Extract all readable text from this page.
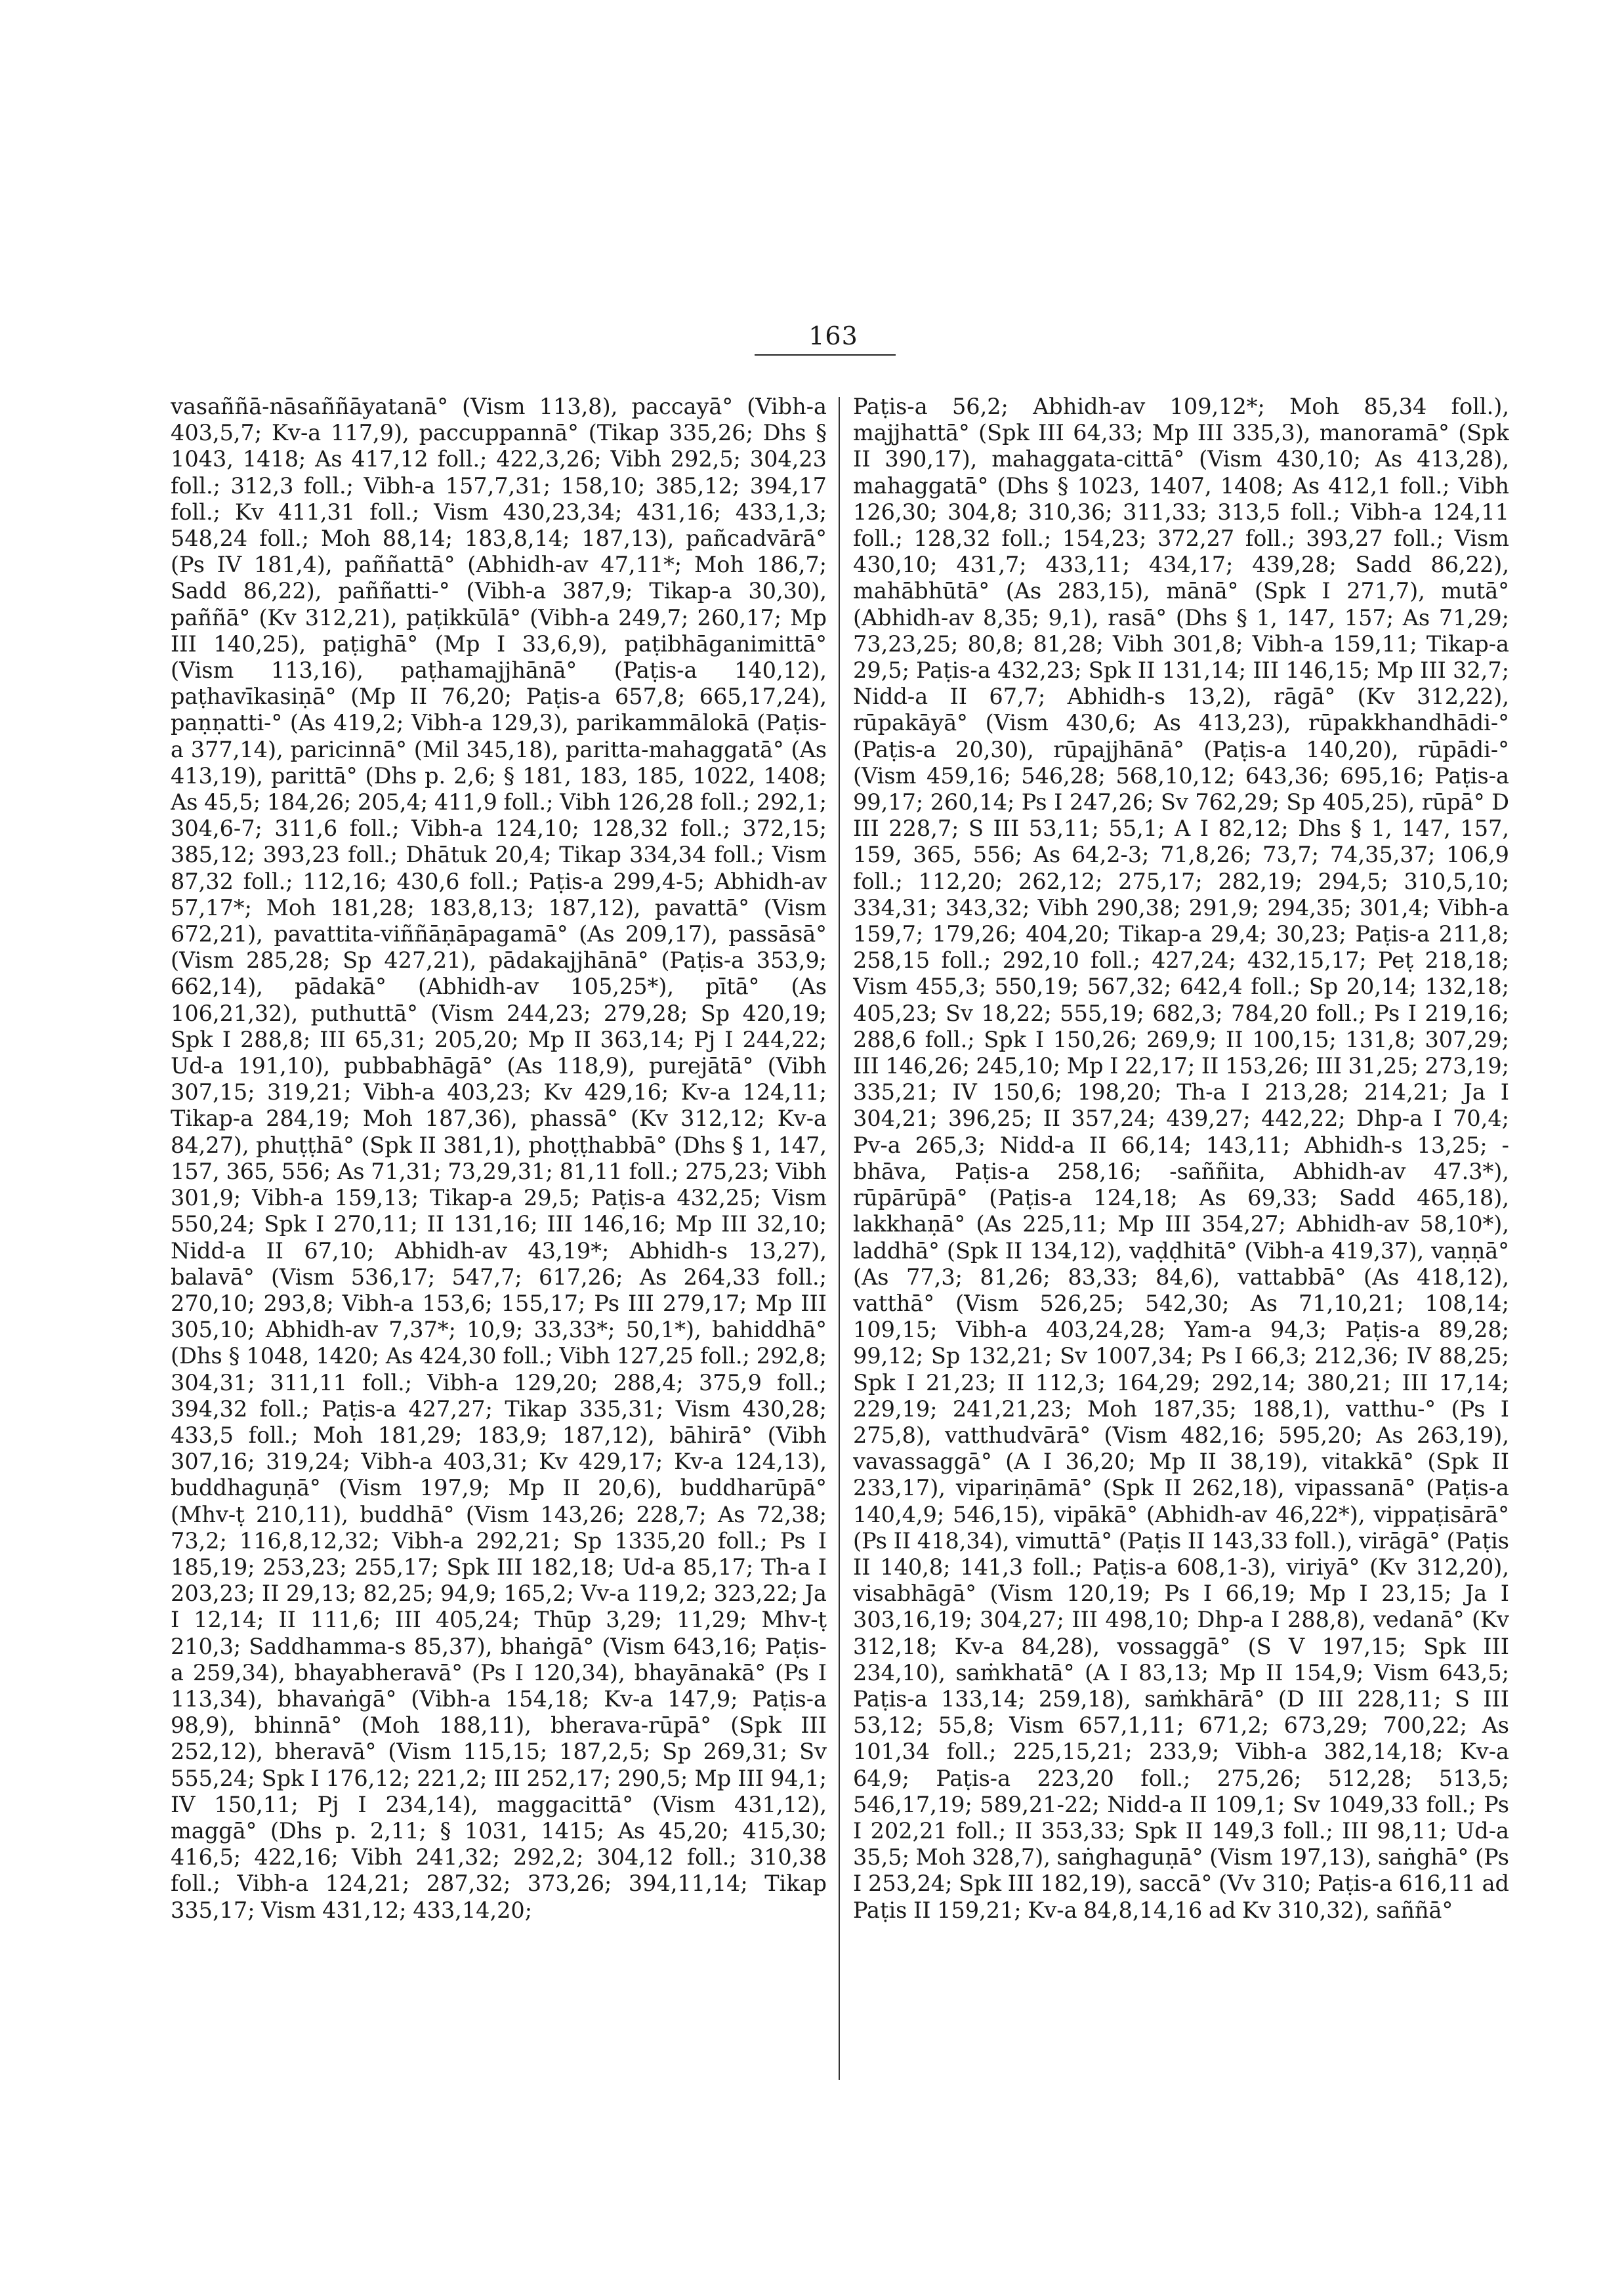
163
vasaññā-nāsaññāyatanā° (Vism 113,8), paccayā° (Vibh-a 403,5,7; Kv-a 117,9), paccuppannā° (Tikap 335,26; Dhs § 1043, 1418; As 417,12 foll.; 422,3,26; Vibh 292,5; 304,23 foll.; 312,3 foll.; Vibh-a 157,7,31; 158,10; 385,12; 394,17 foll.; Kv 411,31 foll.; Vism 430,23,34; 431,16; 433,1,3; 548,24 foll.; Moh 88,14; 183,8,14; 187,13), pañcadvārā° (Ps IV 181,4), paññattā° (Abhidh-av 47,11*; Moh 186,7; Sadd 86,22), paññatti-° (Vibh-a 387,9; Tikap-a 30,30), paññā° (Kv 312,21), paṭikkūlā° (Vibh-a 249,7; 260,17; Mp III 140,25), paṭighā° (Mp I 33,6,9), paṭibhāganimittā° (Vism 113,16), paṭhamajjhānā° (Paṭis-a 140,12), paṭhavīkasiṇā° (Mp II 76,20; Paṭis-a 657,8; 665,17,24), paṇṇatti-° (As 419,2; Vibh-a 129,3), parikammālokā (Paṭis-a 377,14), paricinnā° (Mil 345,18), paritta-mahaggatā° (As 413,19), parittā° (Dhs p. 2,6; § 181, 183, 185, 1022, 1408; As 45,5; 184,26; 205,4; 411,9 foll.; Vibh 126,28 foll.; 292,1; 304,6-7; 311,6 foll.; Vibh-a 124,10; 128,32 foll.; 372,15; 385,12; 393,23 foll.; Dhātuk 20,4; Tikap 334,34 foll.; Vism 87,32 foll.; 112,16; 430,6 foll.; Paṭis-a 299,4-5; Abhidh-av 57,17*; Moh 181,28; 183,8,13; 187,12), pavattā° (Vism 672,21), pavattita-viññāṇāpagamā° (As 209,17), passāsā° (Vism 285,28; Sp 427,21), pādakajjhānā° (Paṭis-a 353,9; 662,14), pādakā° (Abhidh-av 105,25*), pītā° (As 106,21,32), puthuttā° (Vism 244,23; 279,28; Sp 420,19; Spk I 288,8; III 65,31; 205,20; Mp II 363,14; Pj I 244,22; Ud-a 191,10), pubbabhāgā° (As 118,9), purejātā° (Vibh 307,15; 319,21; Vibh-a 403,23; Kv 429,16; Kv-a 124,11; Tikap-a 284,19; Moh 187,36), phassā° (Kv 312,12; Kv-a 84,27), phuṭṭhā° (Spk II 381,1), phoṭṭhabbā° (Dhs § 1, 147, 157, 365, 556; As 71,31; 73,29,31; 81,11 foll.; 275,23; Vibh 301,9; Vibh-a 159,13; Tikap-a 29,5; Paṭis-a 432,25; Vism 550,24; Spk I 270,11; II 131,16; III 146,16; Mp III 32,10; Nidd-a II 67,10; Abhidh-av 43,19*; Abhidh-s 13,27), balavā° (Vism 536,17; 547,7; 617,26; As 264,33 foll.; 270,10; 293,8; Vibh-a 153,6; 155,17; Ps III 279,17; Mp III 305,10; Abhidh-av 7,37*; 10,9; 33,33*; 50,1*), bahiddhā° (Dhs § 1048, 1420; As 424,30 foll.; Vibh 127,25 foll.; 292,8; 304,31; 311,11 foll.; Vibh-a 129,20; 288,4; 375,9 foll.; 394,32 foll.; Paṭis-a 427,27; Tikap 335,31; Vism 430,28; 433,5 foll.; Moh 181,29; 183,9; 187,12), bāhirā° (Vibh 307,16; 319,24; Vibh-a 403,31; Kv 429,17; Kv-a 124,13), buddhaguṇā° (Vism 197,9; Mp II 20,6), buddharūpā° (Mhv-ṭ 210,11), buddhā° (Vism 143,26; 228,7; As 72,38; 73,2; 116,8,12,32; Vibh-a 292,21; Sp 1335,20 foll.; Ps I 185,19; 253,23; 255,17; Spk III 182,18; Ud-a 85,17; Th-a I 203,23; II 29,13; 82,25; 94,9; 165,2; Vv-a 119,2; 323,22; Ja I 12,14; II 111,6; III 405,24; Thūp 3,29; 11,29; Mhv-ṭ 210,3; Saddhamma-s 85,37), bhaṅgā° (Vism 643,16; Paṭis-a 259,34), bhayabheravā° (Ps I 120,34), bhayānakā° (Ps I 113,34), bhavaṅgā° (Vibh-a 154,18; Kv-a 147,9; Paṭis-a 98,9), bhinnā° (Moh 188,11), bherava-rūpā° (Spk III 252,12), bheravā° (Vism 115,15; 187,2,5; Sp 269,31; Sv 555,24; Spk I 176,12; 221,2; III 252,17; 290,5; Mp III 94,1; IV 150,11; Pj I 234,14), maggacittā° (Vism 431,12), maggā° (Dhs p. 2,11; § 1031, 1415; As 45,20; 415,30; 416,5; 422,16; Vibh 241,32; 292,2; 304,12 foll.; 310,38 foll.; Vibh-a 124,21; 287,32; 373,26; 394,11,14; Tikap 335,17; Vism 431,12; 433,14,20;
Paṭis-a 56,2; Abhidh-av 109,12*; Moh 85,34 foll.), majjhattā° (Spk III 64,33; Mp III 335,3), manoramā° (Spk II 390,17), mahaggata-cittā° (Vism 430,10; As 413,28), mahaggatā° (Dhs § 1023, 1407, 1408; As 412,1 foll.; Vibh 126,30; 304,8; 310,36; 311,33; 313,5 foll.; Vibh-a 124,11 foll.; 128,32 foll.; 154,23; 372,27 foll.; 393,27 foll.; Vism 430,10; 431,7; 433,11; 434,17; 439,28; Sadd 86,22), mahābhūtā° (As 283,15), mānā° (Spk I 271,7), mutā° (Abhidh-av 8,35; 9,1), rasā° (Dhs § 1, 147, 157; As 71,29; 73,23,25; 80,8; 81,28; Vibh 301,8; Vibh-a 159,11; Tikap-a 29,5; Paṭis-a 432,23; Spk II 131,14; III 146,15; Mp III 32,7; Nidd-a II 67,7; Abhidh-s 13,2), rāgā° (Kv 312,22), rūpakāyā° (Vism 430,6; As 413,23), rūpakkhandhādi-° (Paṭis-a 20,30), rūpajjhānā° (Paṭis-a 140,20), rūpādi-° (Vism 459,16; 546,28; 568,10,12; 643,36; 695,16; Paṭis-a 99,17; 260,14; Ps I 247,26; Sv 762,29; Sp 405,25), rūpā° D III 228,7; S III 53,11; 55,1; A I 82,12; Dhs § 1, 147, 157, 159, 365, 556; As 64,2-3; 71,8,26; 73,7; 74,35,37; 106,9 foll.; 112,20; 262,12; 275,17; 282,19; 294,5; 310,5,10; 334,31; 343,32; Vibh 290,38; 291,9; 294,35; 301,4; Vibh-a 159,7; 179,26; 404,20; Tikap-a 29,4; 30,23; Paṭis-a 211,8; 258,15 foll.; 292,10 foll.; 427,24; 432,15,17; Peṭ 218,18; Vism 455,3; 550,19; 567,32; 642,4 foll.; Sp 20,14; 132,18; 405,23; Sv 18,22; 555,19; 682,3; 784,20 foll.; Ps I 219,16; 288,6 foll.; Spk I 150,26; 269,9; II 100,15; 131,8; 307,29; III 146,26; 245,10; Mp I 22,17; II 153,26; III 31,25; 273,19; 335,21; IV 150,6; 198,20; Th-a I 213,28; 214,21; Ja I 304,21; 396,25; II 357,24; 439,27; 442,22; Dhp-a I 70,4; Pv-a 265,3; Nidd-a II 66,14; 143,11; Abhidh-s 13,25; -bhāva, Paṭis-a 258,16; -saññita, Abhidh-av 47.3*), rūpārūpā° (Paṭis-a 124,18; As 69,33; Sadd 465,18), lakkhaṇā° (As 225,11; Mp III 354,27; Abhidh-av 58,10*), laddhā° (Spk II 134,12), vaḍḍhitā° (Vibh-a 419,37), vaṇṇā° (As 77,3; 81,26; 83,33; 84,6), vattabbā° (As 418,12), vatthā° (Vism 526,25; 542,30; As 71,10,21; 108,14; 109,15; Vibh-a 403,24,28; Yam-a 94,3; Paṭis-a 89,28; 99,12; Sp 132,21; Sv 1007,34; Ps I 66,3; 212,36; IV 88,25; Spk I 21,23; II 112,3; 164,29; 292,14; 380,21; III 17,14; 229,19; 241,21,23; Moh 187,35; 188,1), vatthu-° (Ps I 275,8), vatthudvārā° (Vism 482,16; 595,20; As 263,19), vavassaggā° (A I 36,20; Mp II 38,19), vitakkā° (Spk II 233,17), vipariṇāmā° (Spk II 262,18), vipassanā° (Paṭis-a 140,4,9; 546,15), vipākā° (Abhidh-av 46,22*), vippaṭisārā° (Ps II 418,34), vimuttā° (Paṭis II 143,33 foll.), virāgā° (Paṭis II 140,8; 141,3 foll.; Paṭis-a 608,1-3), viriyā° (Kv 312,20), visabhāgā° (Vism 120,19; Ps I 66,19; Mp I 23,15; Ja I 303,16,19; 304,27; III 498,10; Dhp-a I 288,8), vedanā° (Kv 312,18; Kv-a 84,28), vossaggā° (S V 197,15; Spk III 234,10), saṁkhatā° (A I 83,13; Mp II 154,9; Vism 643,5; Paṭis-a 133,14; 259,18), saṁkhārā° (D III 228,11; S III 53,12; 55,8; Vism 657,1,11; 671,2; 673,29; 700,22; As 101,34 foll.; 225,15,21; 233,9; Vibh-a 382,14,18; Kv-a 64,9; Paṭis-a 223,20 foll.; 275,26; 512,28; 513,5; 546,17,19; 589,21-22; Nidd-a II 109,1; Sv 1049,33 foll.; Ps I 202,21 foll.; II 353,33; Spk II 149,3 foll.; III 98,11; Ud-a 35,5; Moh 328,7), saṅghaguṇā° (Vism 197,13), saṅghā° (Ps I 253,24; Spk III 182,19), saccā° (Vv 310; Paṭis-a 616,11 ad Paṭis II 159,21; Kv-a 84,8,14,16 ad Kv 310,32), saññā°
